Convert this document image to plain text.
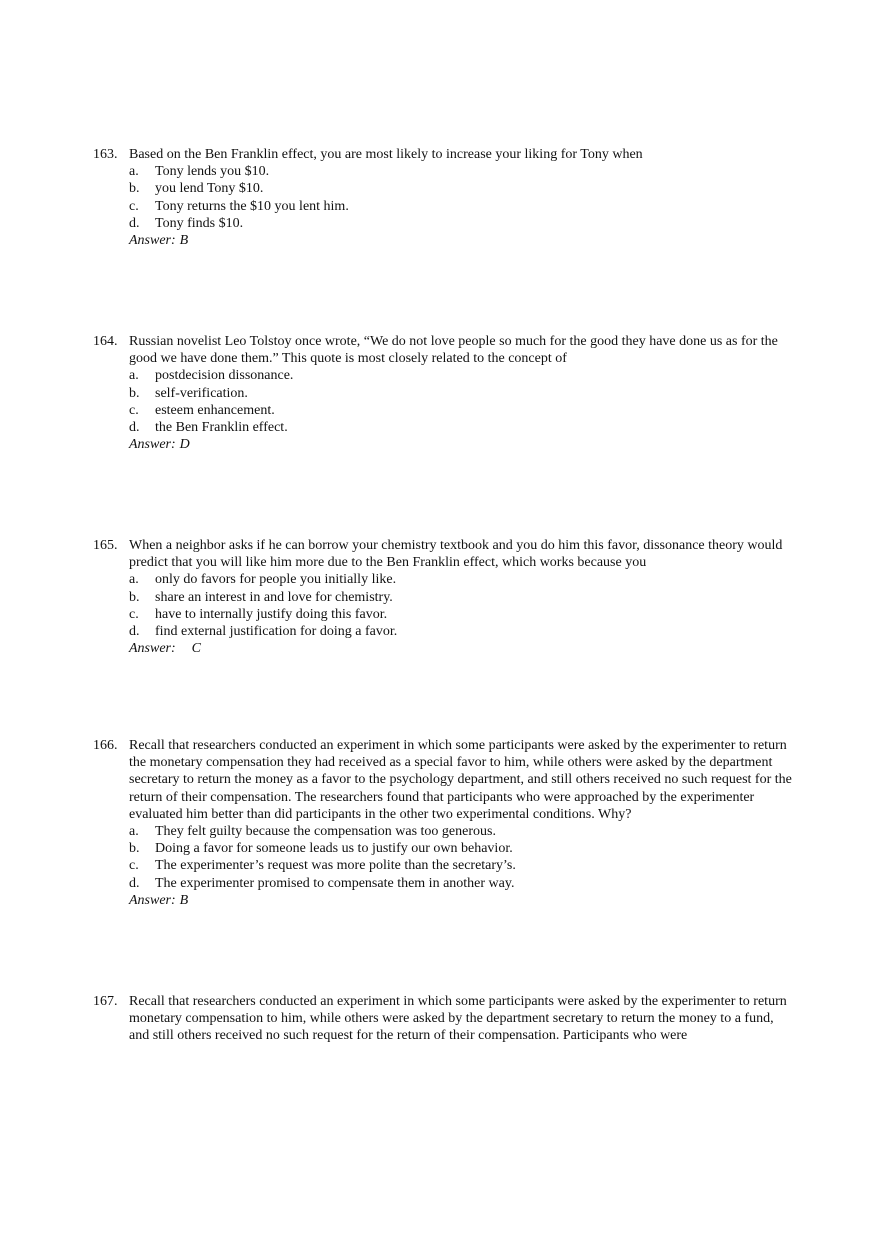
163. Based on the Ben Franklin effect, you are most likely to increase your liking for Tony when
a. Tony lends you $10.
b. you lend Tony $10.
c. Tony returns the $10 you lent him.
d. Tony finds $10.
Answer: B
164. Russian novelist Leo Tolstoy once wrote, “We do not love people so much for the good they have done us as for the good we have done them.” This quote is most closely related to the concept of
a. postdecision dissonance.
b. self-verification.
c. esteem enhancement.
d. the Ben Franklin effect.
Answer: D
165. When a neighbor asks if he can borrow your chemistry textbook and you do him this favor, dissonance theory would predict that you will like him more due to the Ben Franklin effect, which works because you
a. only do favors for people you initially like.
b. share an interest in and love for chemistry.
c. have to internally justify doing this favor.
d. find external justification for doing a favor.
Answer: C
166. Recall that researchers conducted an experiment in which some participants were asked by the experimenter to return the monetary compensation they had received as a special favor to him, while others were asked by the department secretary to return the money as a favor to the psychology department, and still others received no such request for the return of their compensation. The researchers found that participants who were approached by the experimenter evaluated him better than did participants in the other two experimental conditions. Why?
a. They felt guilty because the compensation was too generous.
b. Doing a favor for someone leads us to justify our own behavior.
c. The experimenter’s request was more polite than the secretary’s.
d. The experimenter promised to compensate them in another way.
Answer: B
167. Recall that researchers conducted an experiment in which some participants were asked by the experimenter to return monetary compensation to him, while others were asked by the department secretary to return the money to a fund, and still others received no such request for the return of their compensation. Participants who were
